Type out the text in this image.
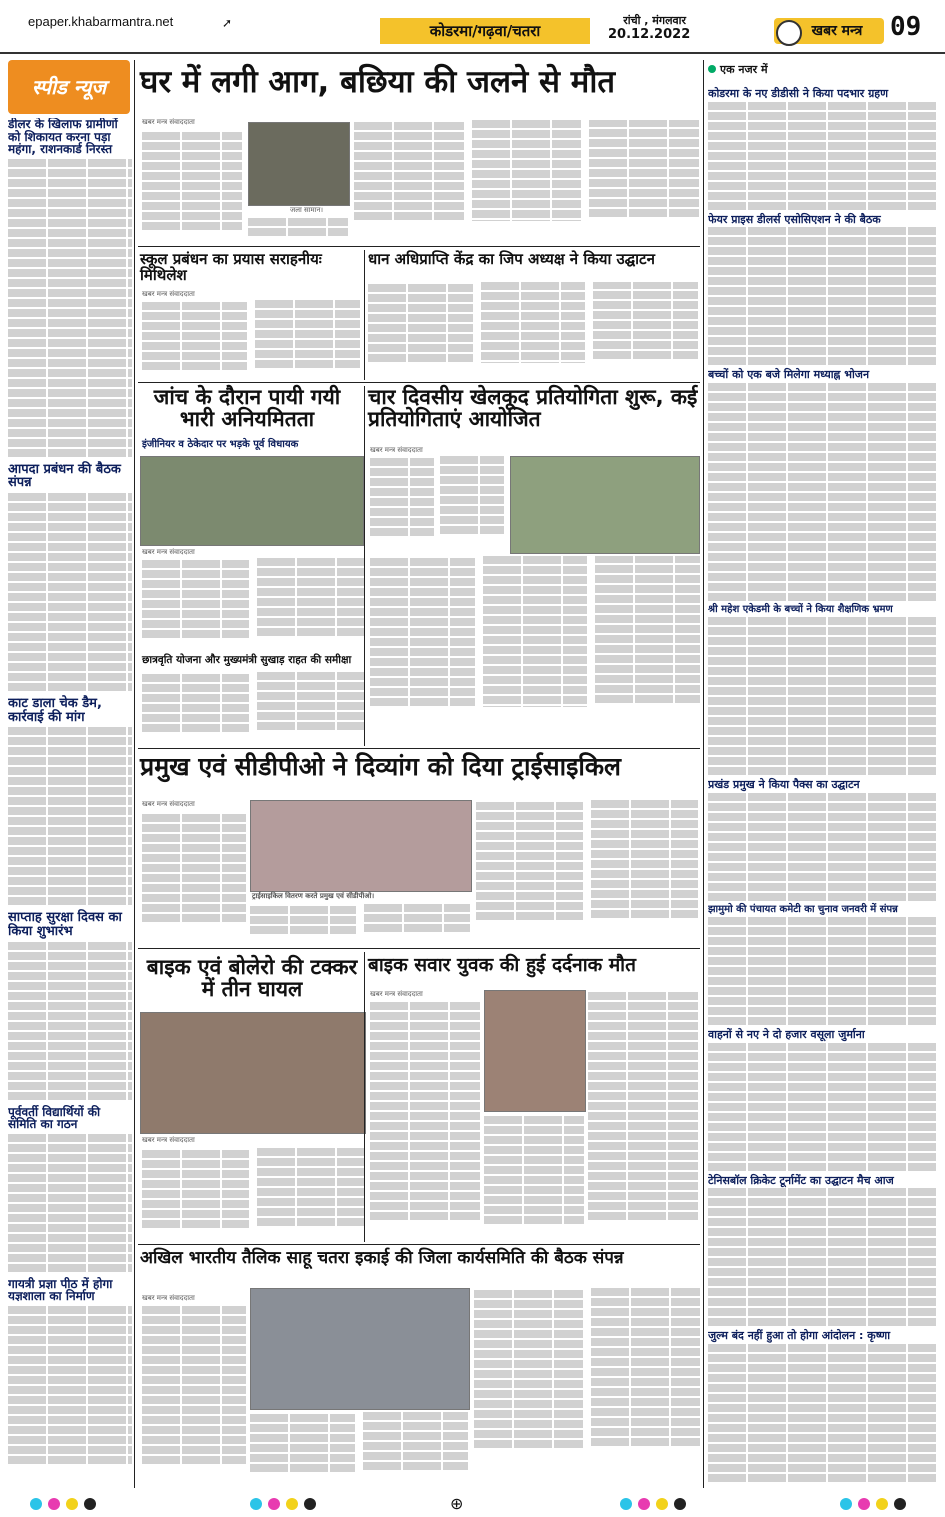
epaper.khabarmantra.net	➚	कोडरमा/गढ़वा/चतरा
रांची , मंगलवार
20.12.2022	खबर मन्त्र	09
स्पीड न्यूज
डीलर के खिलाफ ग्रामीणों को शिकायत करना पड़ा महंगा, राशनकार्ड निरस्त
आपदा प्रबंधन की बैठक संपन्न
काट डाला चेक डैम, कार्रवाई की मांग
साप्ताह सुरक्षा दिवस का किया शुभारंभ
पूर्ववर्ती विद्यार्थियों की समिति का गठन
गायत्री प्रज्ञा पीठ में होगा यज्ञशाला का निर्माण
घर में लगी आग, बछिया की जलने से मौत
खबर मन्त्र संवाददाता
जला सामान।
स्कूल प्रबंधन का प्रयास सराहनीयः मिथिलेश
खबर मन्त्र संवाददाता
धान अधिप्राप्ति केंद्र का जिप अध्यक्ष ने किया उद्घाटन
जांच के दौरान पायी गयी भारी अनियमितता
इंजीनियर व ठेकेदार पर भड़के पूर्व विधायक
खबर मन्त्र संवाददाता
चार दिवसीय खेलकूद प्रतियोगिता शुरू, कई प्रतियोगिताएं आयोजित
खबर मन्त्र संवाददाता
छात्रवृति योजना और मुख्यमंत्री सुखाड़ राहत की समीक्षा
प्रमुख एवं सीडीपीओ ने दिव्यांग को दिया ट्राईसाइकिल
खबर मन्त्र संवाददाता
ट्राईसाइकिल वितरण करते प्रमुख एवं सीडीपीओ।
बाइक एवं बोलेरो की टक्कर में तीन घायल
खबर मन्त्र संवाददाता
बाइक सवार युवक की हुई दर्दनाक मौत
खबर मन्त्र संवाददाता
अखिल भारतीय तैलिक साहू चतरा इकाई की जिला कार्यसमिति की बैठक संपन्न
खबर मन्त्र संवाददाता
एक नजर में
कोडरमा के नए डीडीसी ने किया पदभार ग्रहण
फेयर प्राइस डीलर्स एसोसिएशन ने की बैठक
बच्चों को एक बजे मिलेगा मध्याह्न भोजन
श्री महेश एकेडमी के बच्चों ने किया शैक्षणिक भ्रमण
प्रखंड प्रमुख ने किया पैक्स का उद्घाटन
झामुमो की पंचायत कमेटी का चुनाव जनवरी में संपन्न
वाहनों से नए ने दो हजार वसूला जुर्माना
टेनिसबॉल क्रिकेट टूर्नामेंट का उद्घाटन मैच आज
जुल्म बंद नहीं हुआ तो होगा आंदोलन : कृष्णा
⊕
